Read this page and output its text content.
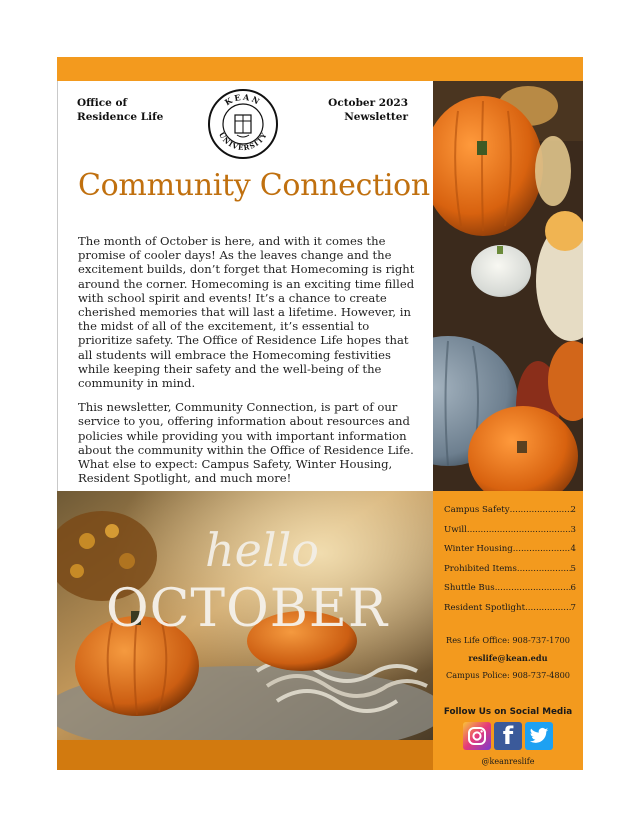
Office of
Residence Life
KEAN
UNIVERSITY
October 2023
Newsletter
Community Connection

The month of October is here, and with it comes the promise of cooler days! As the leaves change and the excitement builds, don’t forget that Homecoming is right around the corner. Homecoming is an exciting time filled with school spirit and events! It’s a chance to create cherished memories that will last a lifetime. However, in the midst of all of the excitement, it’s essential to prioritize safety. The Office of Residence Life hopes that all students will embrace the Homecoming festivities while keeping their safety and the well-being of the community in mind.

This newsletter, Community Connection, is part of our service to you, offering information about resources and policies while providing you with important information about the community within the Office of Residence Life. What else to expect: Campus Safety, Winter Housing, Resident Spotlight, and much more!

hello
OCTOBER
Campus Safety .....	2
Uwill .....	3
Winter Housing .....	4
Prohibited Items .....	5
Shuttle Bus .....	6
Resident Spotlight .....	7
Res Life Office: 908-737-1700
reslife@kean.edu
Campus Police: 908-737-4800
Follow Us on Social Media
f
@keanreslife
